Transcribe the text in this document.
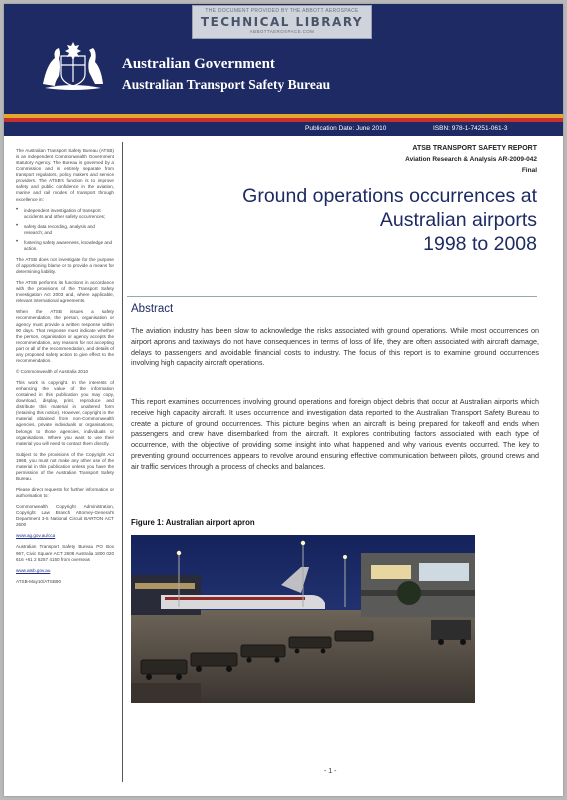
THE DOCUMENT PROVIDED BY THE ABBOTT AEROSPACE
TECHNICAL LIBRARY
ABBOTTAEROSPACE.COM
Australian Government
Australian Transport Safety Bureau
Publication Date: June 2010	ISBN: 978-1-74251-061-3

The Australian Transport Safety Bureau (ATSB) is an independent Commonwealth Government statutory Agency. The Bureau is governed by a Commission and is entirely separate from transport regulators, policy makers and service providers. The ATSB's function is to improve safety and public confidence in the aviation, marine and rail modes of transport through excellence in:

• independent investigation of transport accidents and other safety occurrences;
• safety data recording, analysis and research; and
• fostering safety awareness, knowledge and action.

The ATSB does not investigate for the purpose of apportioning blame or to provide a means for determining liability.

The ATSB performs its functions in accordance with the provisions of the Transport Safety Investigation Act 2003 and, where applicable, relevant international agreements.

When the ATSB issues a safety recommendation, the person, organisation or agency must provide a written response within 90 days. That response must indicate whether the person, organisation or agency accepts the recommendation, any reasons for not accepting part or all of the recommendation, and details of any proposed safety action to give effect to the recommendation.

© Commonwealth of Australia 2010

This work is copyright. In the interests of enhancing the value of the information contained in this publication you may copy, download, display, print, reproduce and distribute this material in unaltered form (retaining this notice). However, copyright in the material obtained from non-Commonwealth agencies, private individuals or organisations, belongs to those agencies, individuals or organisations. Where you want to use their material you will need to contact them directly.

Subject to the provisions of the Copyright Act 1968, you must not make any other use of the material in this publication unless you have the permission of the Australian Transport Safety Bureau.

Please direct requests for further information or authorisation to:

Commonwealth Copyright Administration, Copyright Law Branch Attorney-General's Department 3-5 National Circuit BARTON ACT 2600

www.ag.gov.au/cca

Australian Transport Safety Bureau PO Box 967, Civic Square ACT 2608 Australia 1800 020 616 +61 2 6257 4150 from overseas

www.atsb.gov.au

ATSB-May10/ATSB90

ATSB TRANSPORT SAFETY REPORT
Aviation Research & Analysis AR-2009-042
Final
Ground operations occurrences at
Australian airports
1998 to 2008
Abstract
The aviation industry has been slow to acknowledge the risks associated with ground operations. While most occurrences on airport aprons and taxiways do not have consequences in terms of loss of life, they are often associated with aircraft damage, delays to passengers and avoidable financial costs to industry. The focus of this report is to examine ground occurrences involving high capacity aircraft operations.
This report examines occurrences involving ground operations and foreign object debris that occur at Australian airports which receive high capacity aircraft. It uses occurrence and investigation data reported to the Australian Transport Safety Bureau to create a picture of ground occurrences. This picture begins when an aircraft is being prepared for takeoff and ends when passengers and crew have disembarked from the aircraft. It explores contributing factors associated with each type of occurrence, with the objective of providing some insight into what happened and why various events occurred. The key to preventing ground occurrences appears to revolve around ensuring effective communication between pilots, ground crews and air traffic services through a process of checks and balances.
Figure 1: Australian airport apron
- 1 -
